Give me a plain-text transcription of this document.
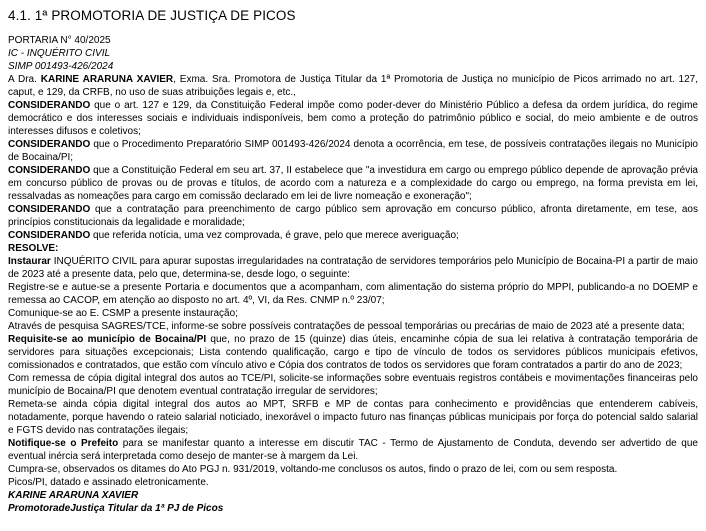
4.1. 1ª PROMOTORIA DE JUSTIÇA DE PICOS

PORTARIA N° 40/2025

IC - INQUÉRITO CIVIL

SIMP 001493-426/2024

A Dra. KARINE ARARUNA XAVIER, Exma. Sra. Promotora de Justiça Titular da 1ª Promotoria de Justiça no município de Picos arrimado no art. 127, caput, e 129, da CRFB, no uso de suas atribuições legais e, etc.,

CONSIDERANDO que o art. 127 e 129, da Constituição Federal impõe como poder-dever do Ministério Público a defesa da ordem jurídica, do regime democrático e dos interesses sociais e individuais indisponíveis, bem como a proteção do patrimônio público e social, do meio ambiente e de outros interesses difusos e coletivos;

CONSIDERANDO que o Procedimento Preparatório SIMP 001493-426/2024 denota a ocorrência, em tese, de possíveis contratações ilegais no Município de Bocaina/PI;

CONSIDERANDO que a Constituição Federal em seu art. 37, II estabelece que "a investidura em cargo ou emprego público depende de aprovação prévia em concurso público de provas ou de provas e títulos, de acordo com a natureza e a complexidade do cargo ou emprego, na forma prevista em lei, ressalvadas as nomeações para cargo em comissão declarado em lei de livre nomeação e exoneração";

CONSIDERANDO que a contratação para preenchimento de cargo público sem aprovação em concurso público, afronta diretamente, em tese, aos princípios constitucionais da legalidade e moralidade;

CONSIDERANDO que referida notícia, uma vez comprovada, é grave, pelo que merece averiguação;

RESOLVE:

Instaurar INQUÉRITO CIVIL para apurar supostas irregularidades na contratação de servidores temporários pelo Município de Bocaina-PI a partir de maio de 2023 até a presente data, pelo que, determina-se, desde logo, o seguinte:

Registre-se e autue-se a presente Portaria e documentos que a acompanham, com alimentação do sistema próprio do MPPI, publicando-a no DOEMP e remessa ao CACOP, em atenção ao disposto no art. 4º, VI, da Res. CNMP n.º 23/07;

Comunique-se ao E. CSMP a presente instauração;

Através de pesquisa SAGRES/TCE, informe-se sobre possíveis contratações de pessoal temporárias ou precárias de maio de 2023 até a presente data;

Requisite-se ao município de Bocaina/PI que, no prazo de 15 (quinze) dias úteis, encaminhe cópia de sua lei relativa à contratação temporária de servidores para situações excepcionais; Lista contendo qualificação, cargo e tipo de vínculo de todos os servidores públicos municipais efetivos, comissionados e contratados, que estão com vínculo ativo e Cópia dos contratos de todos os servidores que foram contratados a partir do ano de 2023;

Com remessa de cópia digital integral dos autos ao TCE/PI, solicite-se informações sobre eventuais registros contábeis e movimentações financeiras pelo município de Bocaina/PI que denotem eventual contratação irregular de servidores;

Remeta-se ainda cópia digital integral dos autos ao MPT, SRFB e MP de contas para conhecimento e providências que entenderem cabíveis, notadamente, porque havendo o rateio salarial noticiado, inexorável o impacto futuro nas finanças públicas municipais por força do potencial saldo salarial e FGTS devido nas contratações ilegais;

Notifique-se o Prefeito para se manifestar quanto a interesse em discutir TAC - Termo de Ajustamento de Conduta, devendo ser advertido de que eventual inércia será interpretada como desejo de manter-se à margem da Lei.

Cumpra-se, observados os ditames do Ato PGJ n. 931/2019, voltando-me conclusos os autos, findo o prazo de lei, com ou sem resposta.

Picos/PI, datado e assinado eletronicamente.

KARINE ARARUNA XAVIER

PromotoradeJustiça Titular da 1ª PJ de Picos
